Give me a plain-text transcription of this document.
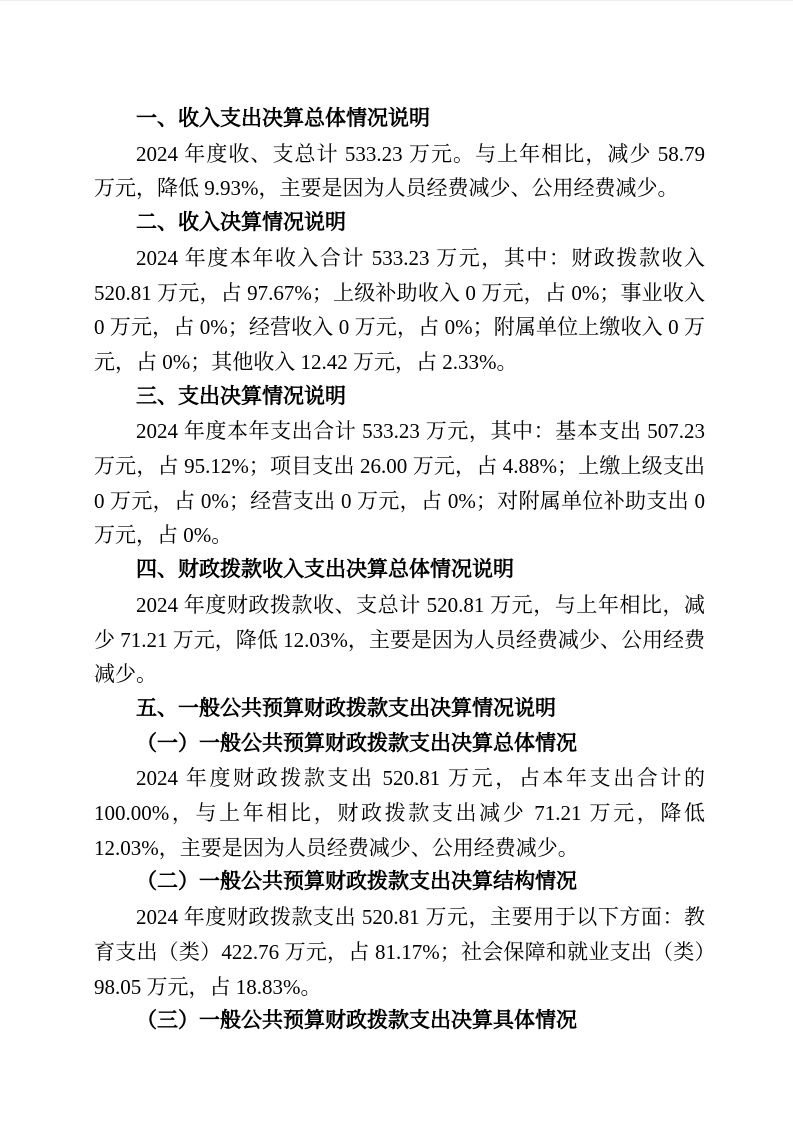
一、收入支出决算总体情况说明

2024 年度收、支总计 533.23 万元。与上年相比，减少 58.79 万元，降低 9.93%，主要是因为人员经费减少、公用经费减少。

二、收入决算情况说明

2024 年度本年收入合计 533.23 万元，其中：财政拨款收入 520.81 万元，占 97.67%；上级补助收入 0 万元，占 0%；事业收入 0 万元，占 0%；经营收入 0 万元，占 0%；附属单位上缴收入 0 万元，占 0%；其他收入 12.42 万元，占 2.33%。

三、支出决算情况说明

2024 年度本年支出合计 533.23 万元，其中：基本支出 507.23 万元，占 95.12%；项目支出 26.00 万元，占 4.88%；上缴上级支出 0 万元，占 0%；经营支出 0 万元，占 0%；对附属单位补助支出 0 万元，占 0%。

四、财政拨款收入支出决算总体情况说明

2024 年度财政拨款收、支总计 520.81 万元，与上年相比，减少 71.21 万元，降低 12.03%，主要是因为人员经费减少、公用经费减少。

五、一般公共预算财政拨款支出决算情况说明
（一）一般公共预算财政拨款支出决算总体情况

2024 年度财政拨款支出 520.81 万元，占本年支出合计的 100.00%，与上年相比，财政拨款支出减少 71.21 万元，降低 12.03%，主要是因为人员经费减少、公用经费减少。

（二）一般公共预算财政拨款支出决算结构情况

2024 年度财政拨款支出 520.81 万元，主要用于以下方面：教育支出（类）422.76 万元，占 81.17%；社会保障和就业支出（类）98.05 万元，占 18.83%。

（三）一般公共预算财政拨款支出决算具体情况
